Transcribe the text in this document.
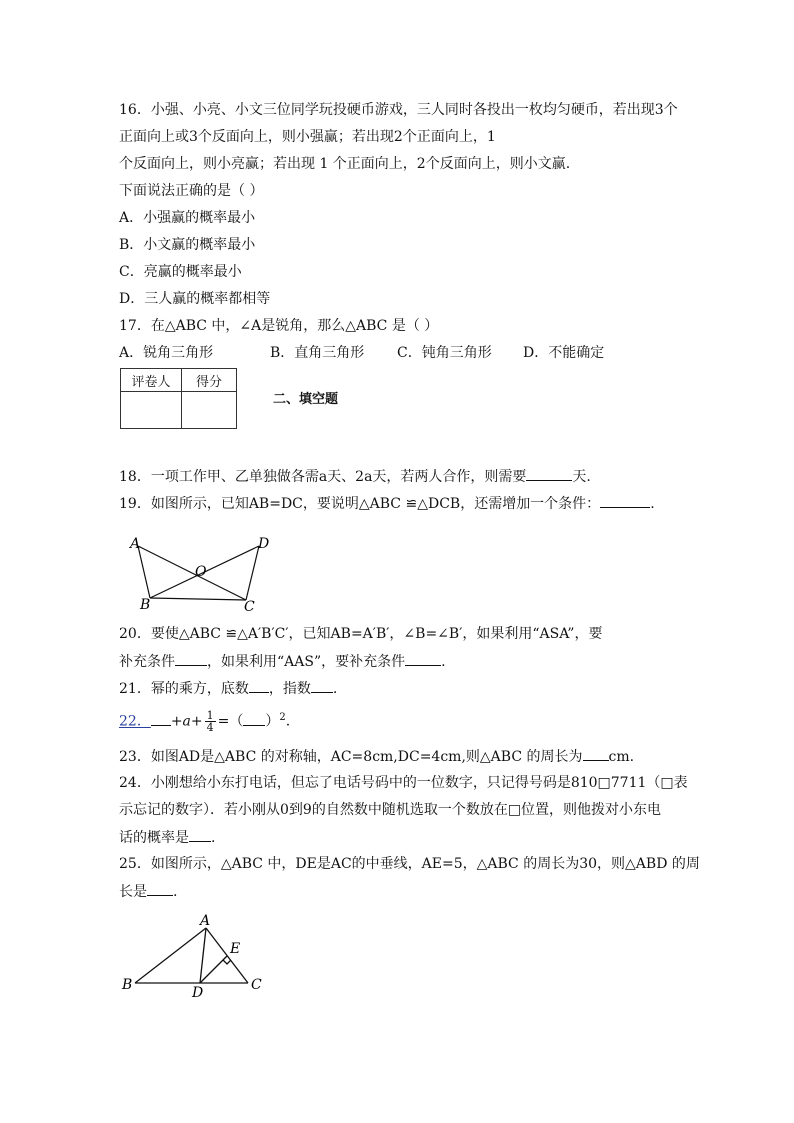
16．小强、小亮、小文三位同学玩投硬币游戏，三人同时各投出一枚均匀硬币，若出现3个
正面向上或3个反面向上，则小强赢；若出现2个正面向上，1
个反面向上，则小亮赢；若出现 1 个正面向上，2个反面向上，则小文赢.
下面说法正确的是（ ）
A．小强赢的概率最小
B．小文赢的概率最小
C．亮赢的概率最小
D．三人赢的概率都相等
17．在△ABC 中，∠A是锐角，那么△ABC 是（ ）
A．锐角三角形	B．直角三角形 C．钝角三角形 D．不能确定
评卷人	得分

二、填空题
18．一项工作甲、乙单独做各需a天、2a天，若两人合作，则需要	天.
19．如图所示，已知AB=DC，要说明△ABC ≌△DCB，还需增加一个条件：	.
A	D
O
B	C
20．要使△ABC ≌△A′B′C′，已知AB=A′B′，∠B=∠B′，如果利用“ASA”，要
补充条件 ，如果利用“AAS”，要补充条件	.
21．幂的乘方，底数 ，指数 .
22． $+a+ \frac{1}{4}$ =（ ）$^2$.
23．如图AD是△ABC 的对称轴，AC=8cm,DC=4cm,则△ABC 的周长为 cm.
24．小刚想给小东打电话，但忘了电话号码中的一位数字，只记得号码是810□7711（□表
示忘记的数字）．若小刚从0到9的自然数中随机选取一个数放在□位置，则他拨对小东电
话的概率是 .
25．如图所示，△ABC 中，DE是AC的中垂线，AE=5，△ABC 的周长为30，则△ABD 的周
长是 .
A
E
B	D	C
